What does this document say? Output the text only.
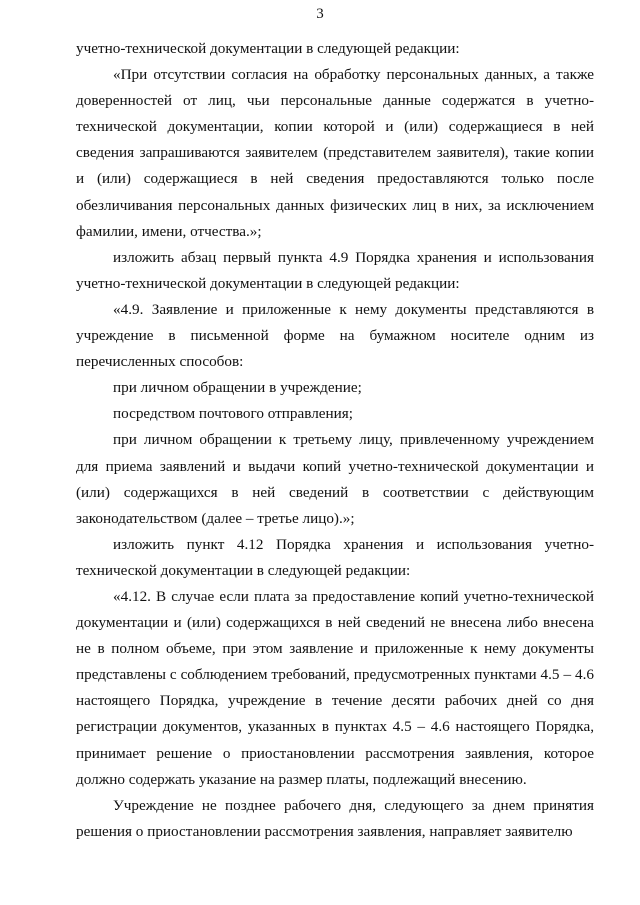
3

учетно-технической документации в следующей редакции:

«При отсутствии согласия на обработку персональных данных, а также доверенностей от лиц, чьи персональные данные содержатся в учетно-технической документации, копии которой и (или) содержащиеся в ней сведения запрашиваются заявителем (представителем заявителя), такие копии и (или) содержащиеся в ней сведения предоставляются только после обезличивания персональных данных физических лиц в них, за исключением фамилии, имени, отчества.»;

изложить абзац первый пункта 4.9 Порядка хранения и использования учетно-технической документации в следующей редакции:

«4.9. Заявление и приложенные к нему документы представляются в учреждение в письменной форме на бумажном носителе одним из перечисленных способов:

при личном обращении в учреждение;

посредством почтового отправления;

при личном обращении к третьему лицу, привлеченному учреждением для приема заявлений и выдачи копий учетно-технической документации и (или) содержащихся в ней сведений в соответствии с действующим законодательством (далее – третье лицо).»;

изложить пункт 4.12 Порядка хранения и использования учетно-технической документации в следующей редакции:

«4.12. В случае если плата за предоставление копий учетно-технической документации и (или) содержащихся в ней сведений не внесена либо внесена не в полном объеме, при этом заявление и приложенные к нему документы представлены с соблюдением требований, предусмотренных пунктами 4.5 – 4.6 настоящего Порядка, учреждение в течение десяти рабочих дней со дня регистрации документов, указанных в пунктах 4.5 – 4.6 настоящего Порядка, принимает решение о приостановлении рассмотрения заявления, которое должно содержать указание на размер платы, подлежащий внесению.

Учреждение не позднее рабочего дня, следующего за днем принятия решения о приостановлении рассмотрения заявления, направляет заявителю
